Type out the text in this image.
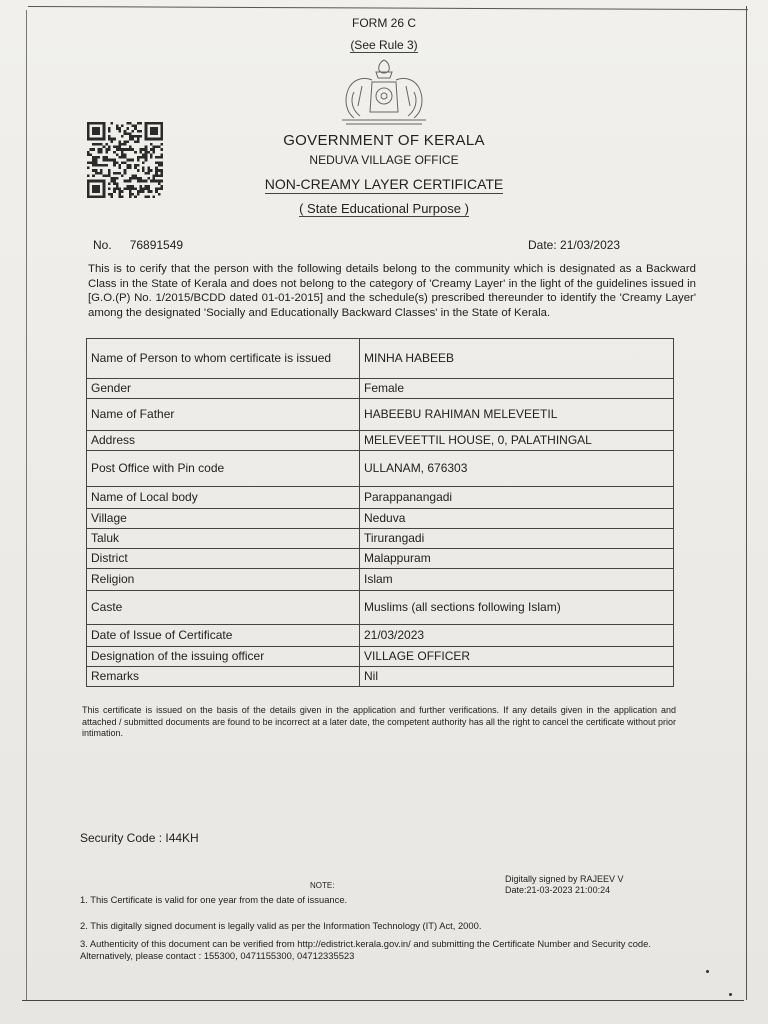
FORM 26 C
(See Rule 3)
GOVERNMENT OF KERALA
NEDUVA VILLAGE OFFICE
NON-CREAMY LAYER CERTIFICATE
( State Educational Purpose )
No. 76891549	Date: 21/03/2023
This is to cerify that the person with the following details belong to the community which is designated as a Backward Class in the State of Kerala and does not belong to the category of 'Creamy Layer' in the light of the guidelines issued in [G.O.(P) No. 1/2015/BCDD dated 01-01-2015] and the schedule(s) prescribed thereunder to identify the 'Creamy Layer' among the designated 'Socially and Educationally Backward Classes' in the State of Kerala.
Name of Person to whom certificate is issued	MINHA HABEEB
Gender	Female
Name of Father	HABEEBU RAHIMAN MELEVEETIL
Address	MELEVEETTIL HOUSE, 0, PALATHINGAL
Post Office with Pin code	ULLANAM, 676303
Name of Local body	Parappanangadi
Village	Neduva
Taluk	Tirurangadi
District	Malappuram
Religion	Islam
Caste	Muslims (all sections following Islam)
Date of Issue of Certificate	21/03/2023
Designation of the issuing officer	VILLAGE OFFICER
Remarks	Nil
This certificate is issued on the basis of the details given in the application and further verifications. If any details given in the application and attached / submitted documents are found to be incorrect at a later date, the competent authority has all the right to cancel the certificate without prior intimation.
Security Code : I44KH
Digitally signed by RAJEEV V
Date:21-03-2023 21:00:24
NOTE:
1. This Certificate is valid for one year from the date of issuance.
2. This digitally signed document is legally valid as per the Information Technology (IT) Act, 2000.
3. Authenticity of this document can be verified from http://edistrict.kerala.gov.in/ and submitting the Certificate Number and Security code. Alternatively, please contact : 155300, 0471155300, 04712335523
